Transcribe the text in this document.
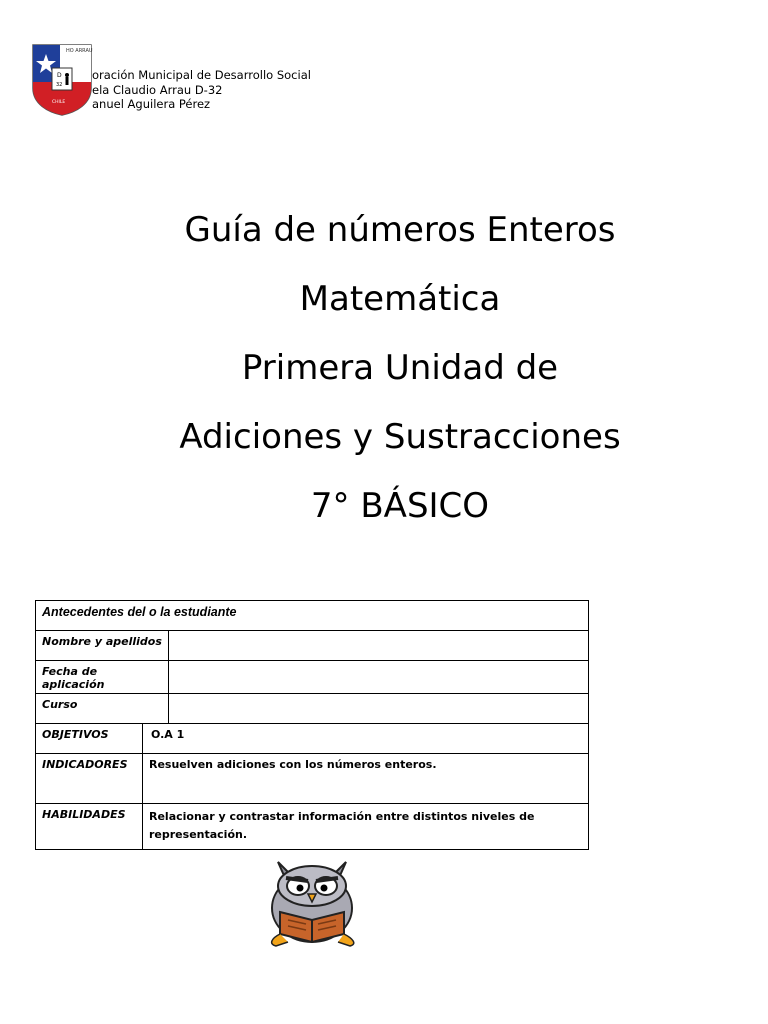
D
32
HO ARRAU
CHILE
oración Municipal de Desarrollo Social
ela Claudio Arrau D-32
anuel Aguilera Pérez
Guía de números Enteros
Matemática
Primera Unidad de
Adiciones y Sustracciones
7° BÁSICO
Antecedentes del o la estudiante		
Nombre y apellidos		
Fecha de aplicación		
Curso		
OBJETIVOS	O.A 1	
INDICADORES	Resuelven adiciones con los números enteros.	
HABILIDADES	Relacionar y contrastar información entre distintos niveles de representación.	
